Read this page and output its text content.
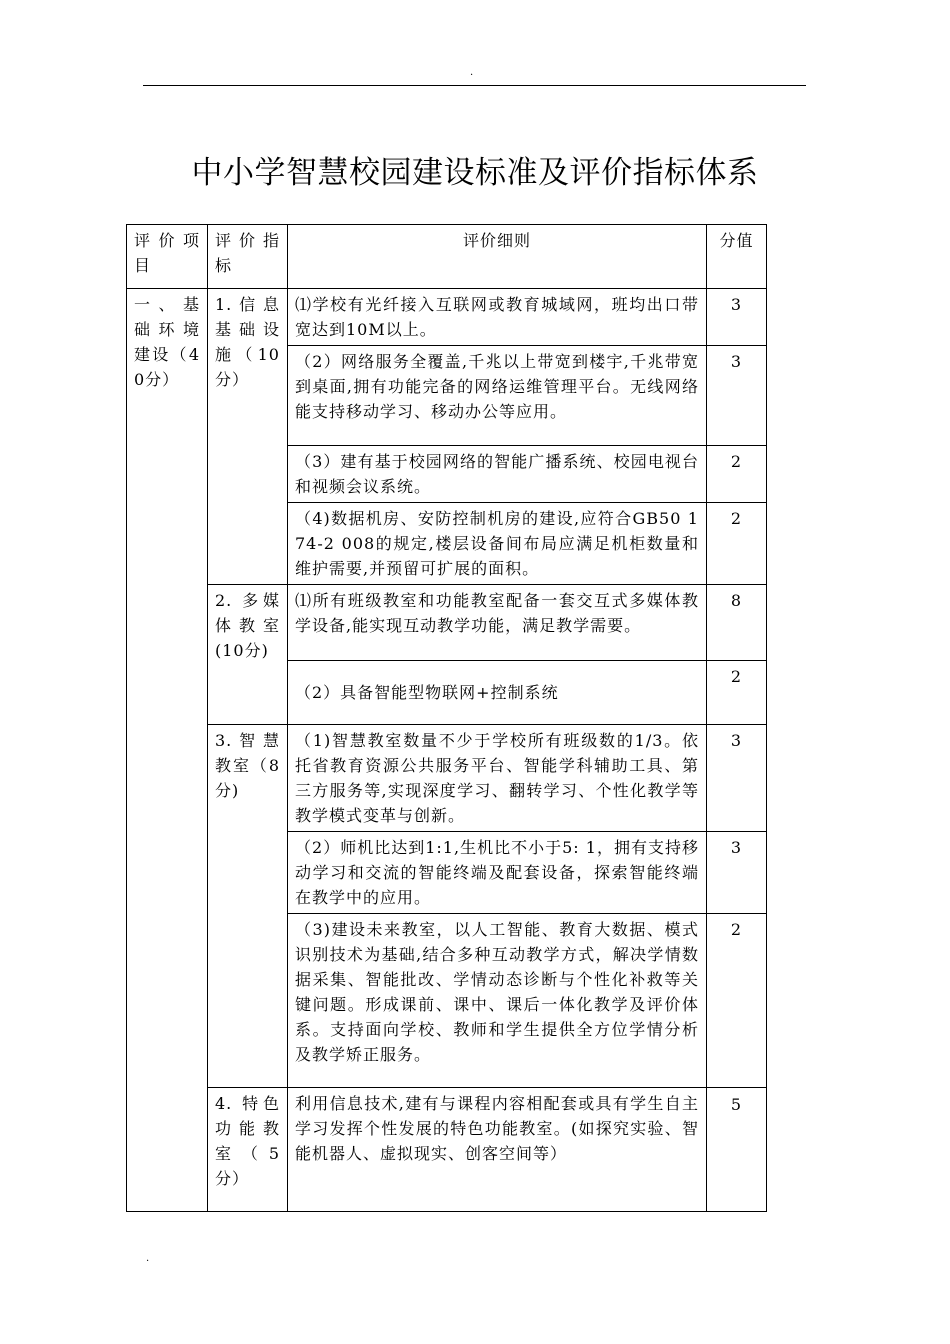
.
中小学智慧校园建设标准及评价指标体系
评价项目	评价指标	评价细则	分值
一、基础环境建设（40分）	1.信息基础设施（10分）	⑴学校有光纤接入互联网或教育城域网，班均出口带宽达到10M以上。	3
		（2）网络服务全覆盖,千兆以上带宽到楼宇,千兆带宽到桌面,拥有功能完备的网络运维管理平台。无线网络能支持移动学习、移动办公等应用。	3
		（3）建有基于校园网络的智能广播系统、校园电视台和视频会议系统。	2
		（4)数据机房、安防控制机房的建设,应符合GB50 1 74-2 008的规定,楼层设备间布局应满足机柜数量和维护需要,并预留可扩展的面积。	2
	2. 多媒体教室(10分)	⑴所有班级教室和功能教室配备一套交互式多媒体教学设备,能实现互动教学功能，满足教学需要。	8
		（2）具备智能型物联网+控制系统	2
	3.智慧教室（8分)	（1)智慧教室数量不少于学校所有班级数的1/3。依托省教育资源公共服务平台、智能学科辅助工具、第三方服务等,实现深度学习、翻转学习、个性化教学等教学模式变革与创新。	3
		（2）师机比达到1:1,生机比不小于5: 1，拥有支持移动学习和交流的智能终端及配套设备，探索智能终端在教学中的应用。	3
		（3)建设未来教室，以人工智能、教育大数据、模式识别技术为基础,结合多种互动教学方式，解决学情数据采集、智能批改、学情动态诊断与个性化补救等关键问题。形成课前、课中、课后一体化教学及评价体系。支持面向学校、教师和学生提供全方位学情分析及教学矫正服务。	2
	4. 特色功能教室（5分）	利用信息技术,建有与课程内容相配套或具有学生自主学习发挥个性发展的特色功能教室。(如探究实验、智能机器人、虚拟现实、创客空间等）	5
.
